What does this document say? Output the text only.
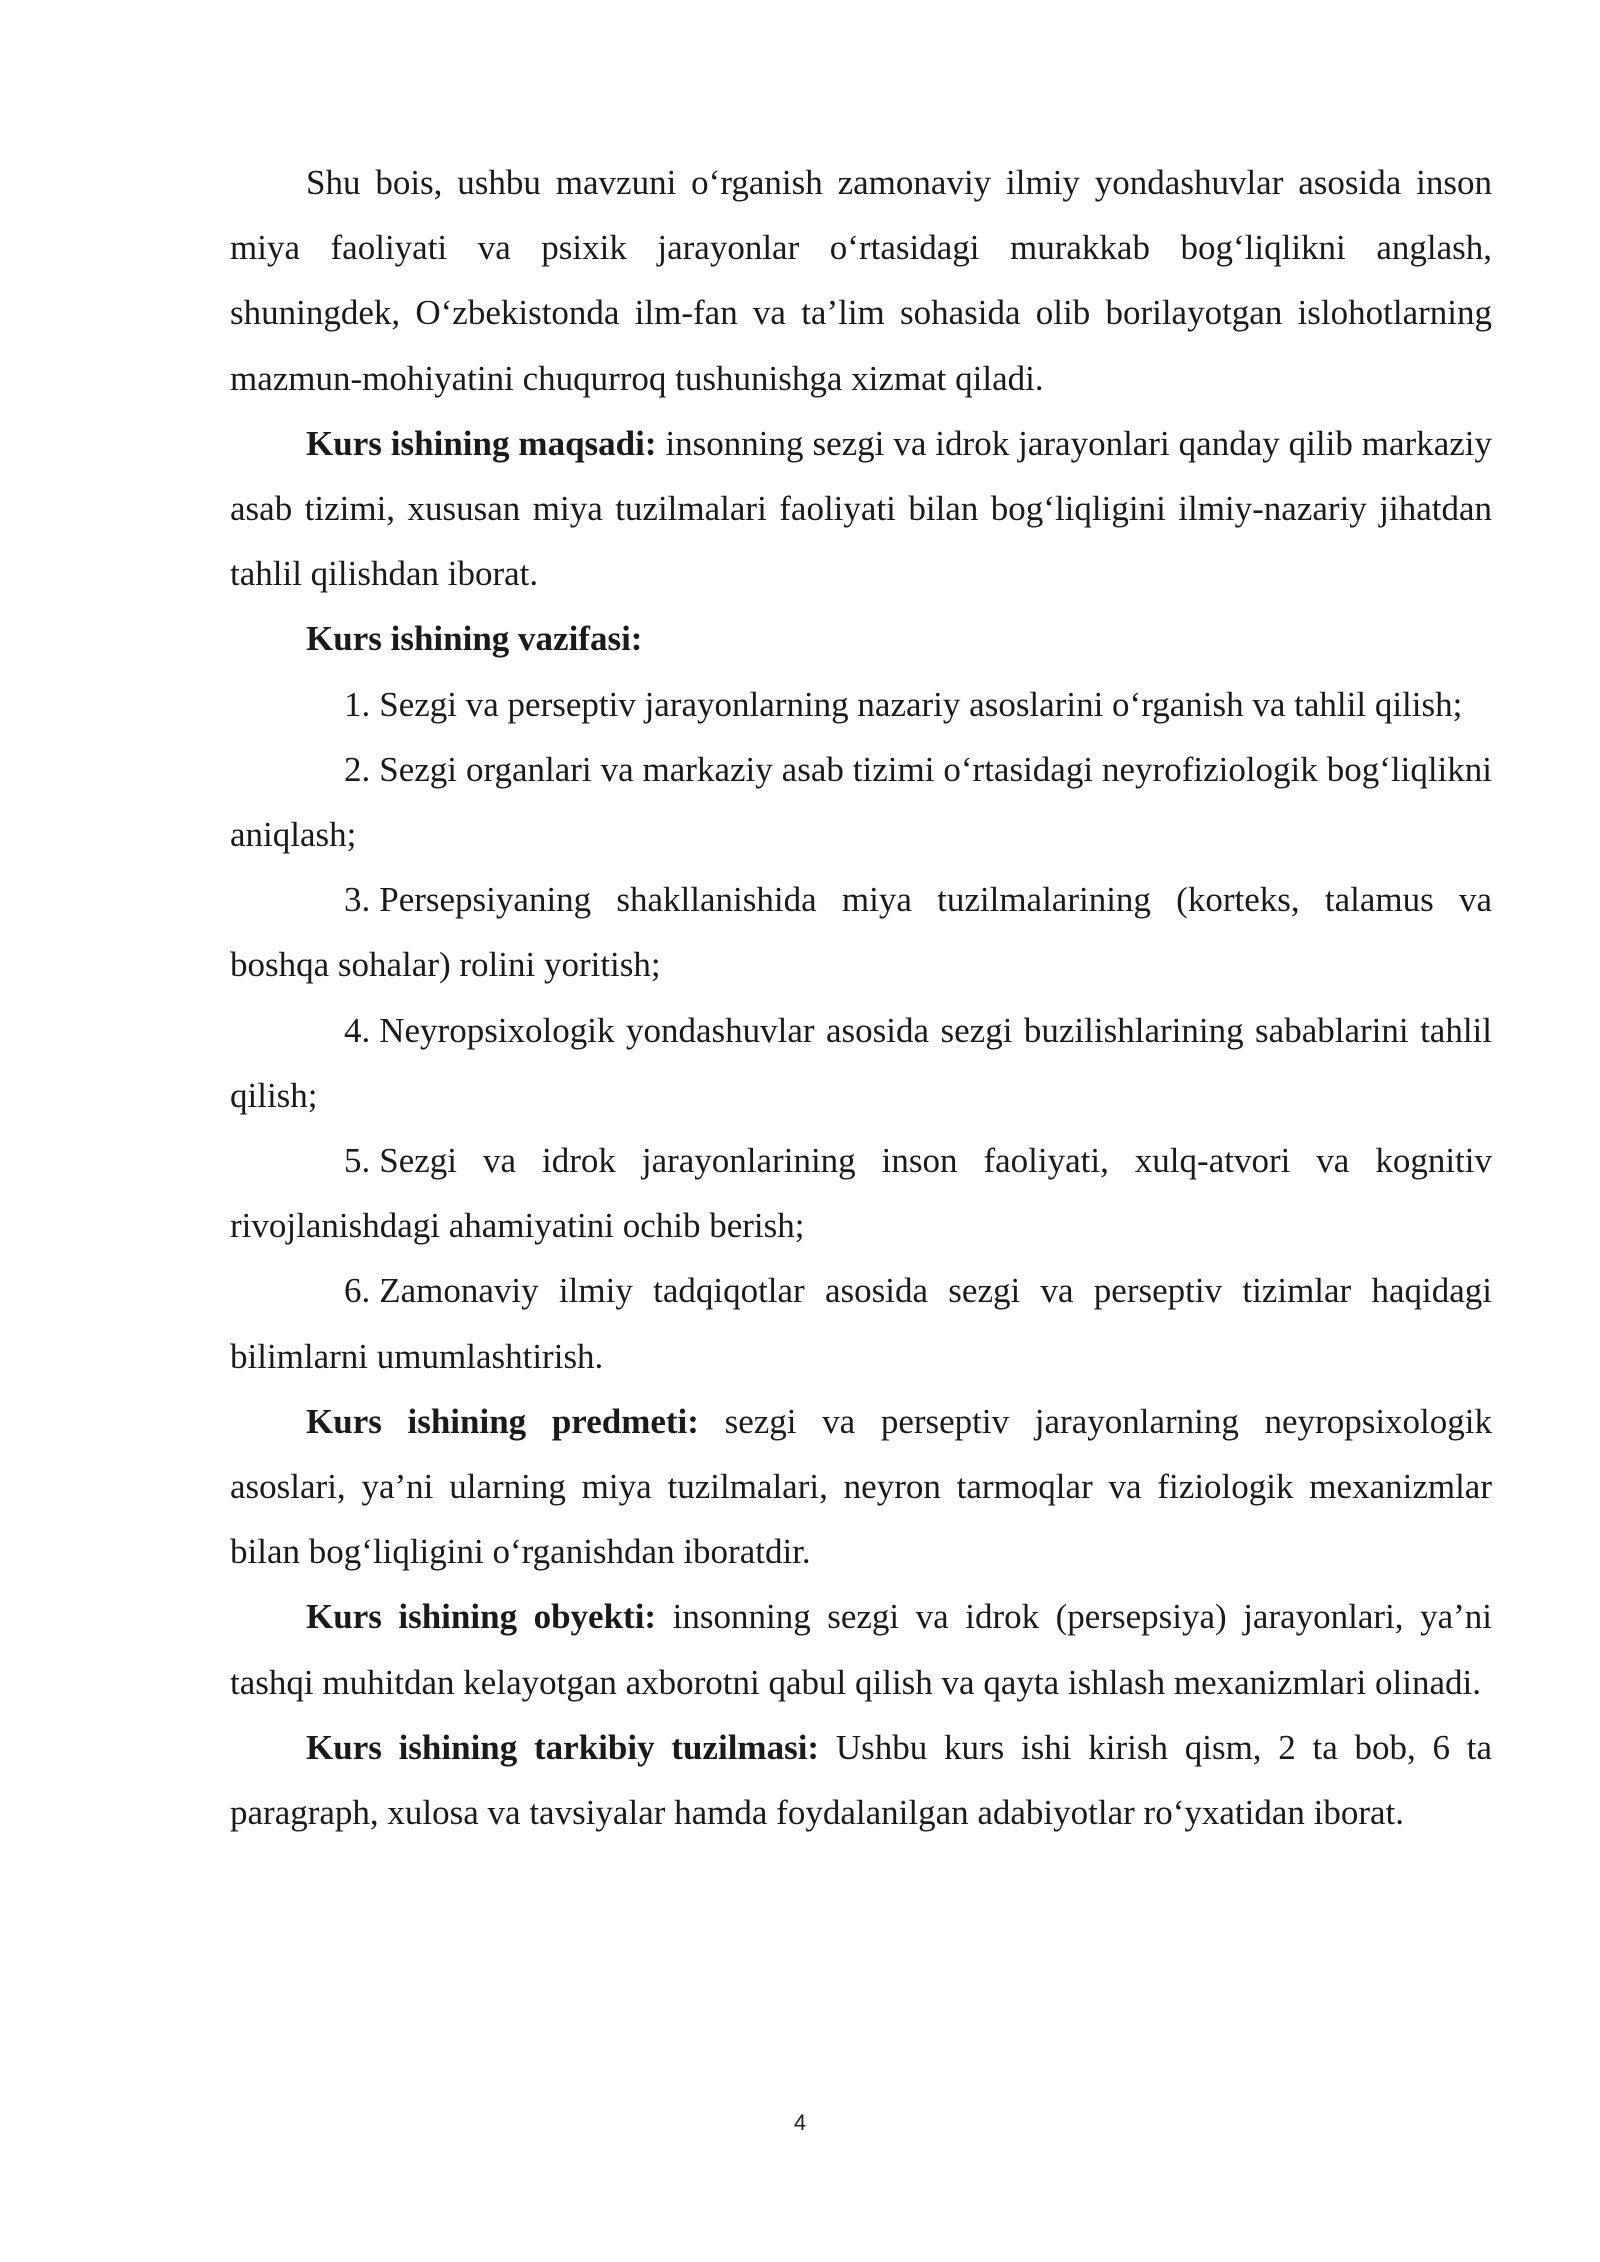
Shu bois, ushbu mavzuni o‘rganish zamonaviy ilmiy yondashuvlar asosida inson miya faoliyati va psixik jarayonlar o‘rtasidagi murakkab bog‘liqlikni anglash, shuningdek, O‘zbekistonda ilm-fan va ta’lim sohasida olib borilayotgan islohotlarning mazmun-mohiyatini chuqurroq tushunishga xizmat qiladi.

Kurs ishining maqsadi: insonning sezgi va idrok jarayonlari qanday qilib markaziy asab tizimi, xususan miya tuzilmalari faoliyati bilan bog‘liqligini ilmiy-nazariy jihatdan tahlil qilishdan iborat.

Kurs ishining vazifasi:

1. Sezgi va perseptiv jarayonlarning nazariy asoslarini o‘rganish va tahlil qilish;

2. Sezgi organlari va markaziy asab tizimi o‘rtasidagi neyrofiziologik bog‘liqlikni aniqlash;

3. Persepsiyaning shakllanishida miya tuzilmalarining (korteks, talamus va boshqa sohalar) rolini yoritish;

4. Neyropsixologik yondashuvlar asosida sezgi buzilishlarining sabablarini tahlil qilish;

5. Sezgi va idrok jarayonlarining inson faoliyati, xulq-atvori va kognitiv rivojlanishdagi ahamiyatini ochib berish;

6. Zamonaviy ilmiy tadqiqotlar asosida sezgi va perseptiv tizimlar haqidagi bilimlarni umumlashtirish.

Kurs ishining predmeti: sezgi va perseptiv jarayonlarning neyropsixologik asoslari, ya’ni ularning miya tuzilmalari, neyron tarmoqlar va fiziologik mexanizmlar bilan bog‘liqligini o‘rganishdan iboratdir.

Kurs ishining obyekti: insonning sezgi va idrok (persepsiya) jarayonlari, ya’ni tashqi muhitdan kelayotgan axborotni qabul qilish va qayta ishlash mexanizmlari olinadi.

Kurs ishining tarkibiy tuzilmasi: Ushbu kurs ishi kirish qism, 2 ta bob, 6 ta paragraph, xulosa va tavsiyalar hamda foydalanilgan adabiyotlar ro‘yxatidan iborat.

4
